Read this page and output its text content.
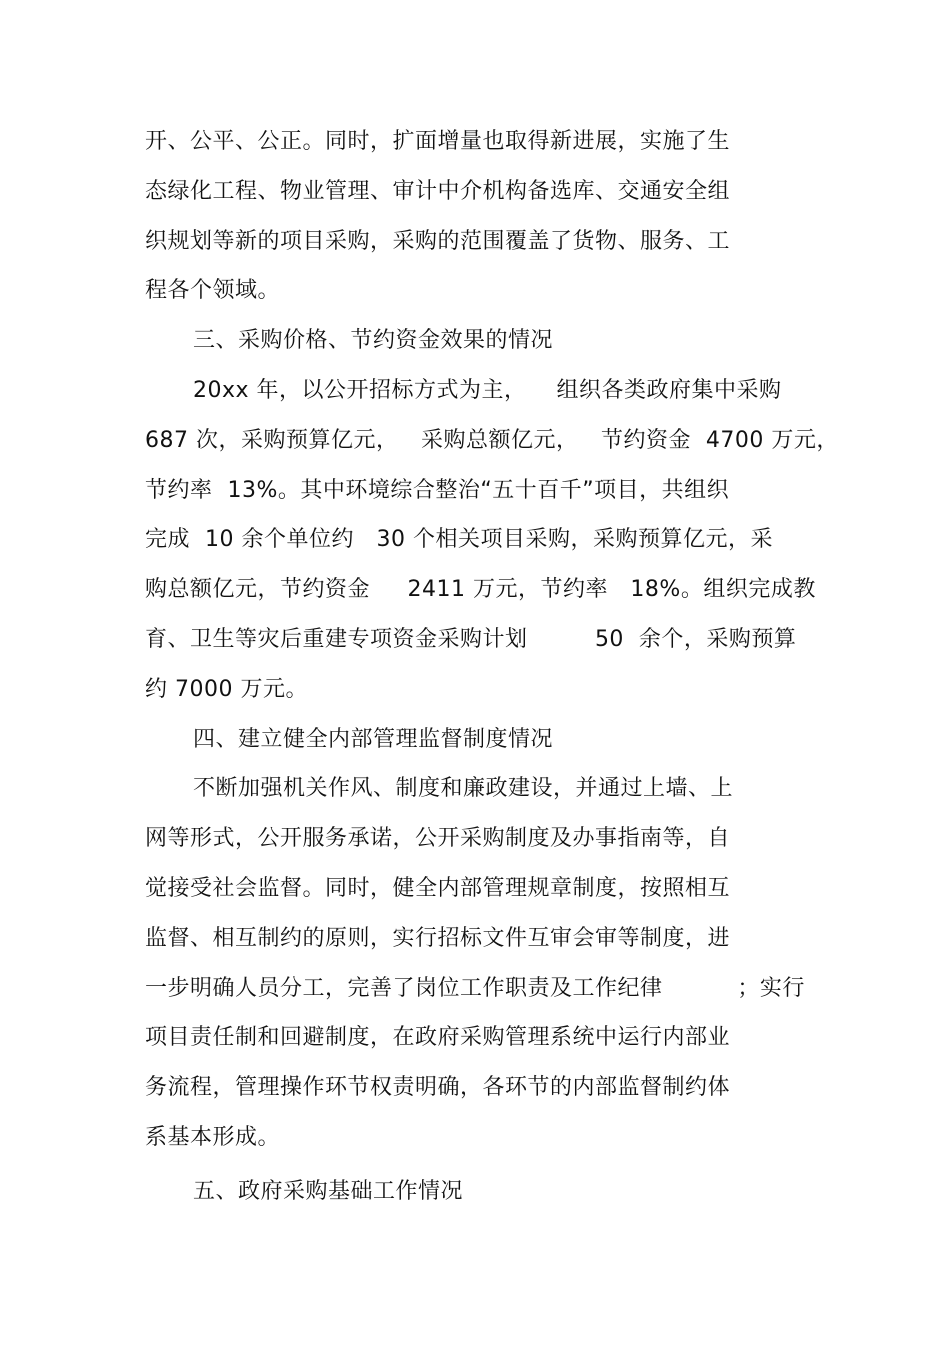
开、公平、公正。同时，扩面增量也取得新进展，实施了生
态绿化工程、物业管理、审计中介机构备选库、交通安全组
织规划等新的项目采购，采购的范围覆盖了货物、服务、工
程各个领域。
三、采购价格、节约资金效果的情况
20xx 年，以公开招标方式为主，    组织各类政府集中采购
687 次，采购预算亿元，   采购总额亿元，   节约资金  4700 万元，
节约率  13%。其中环境综合整治“五十百千”项目，共组织
完成  10 余个单位约   30 个相关项目采购，采购预算亿元，采
购总额亿元，节约资金     2411 万元，节约率   18%。组织完成教
育、卫生等灾后重建专项资金采购计划         50  余个，采购预算
约 7000 万元。
四、建立健全内部管理监督制度情况
不断加强机关作风、制度和廉政建设，并通过上墙、上
网等形式，公开服务承诺，公开采购制度及办事指南等，自
觉接受社会监督。同时，健全内部管理规章制度，按照相互
监督、相互制约的原则，实行招标文件互审会审等制度，进
一步明确人员分工，完善了岗位工作职责及工作纪律          ；实行
项目责任制和回避制度，在政府采购管理系统中运行内部业
务流程，管理操作环节权责明确，各环节的内部监督制约体
系基本形成。
五、政府采购基础工作情况
